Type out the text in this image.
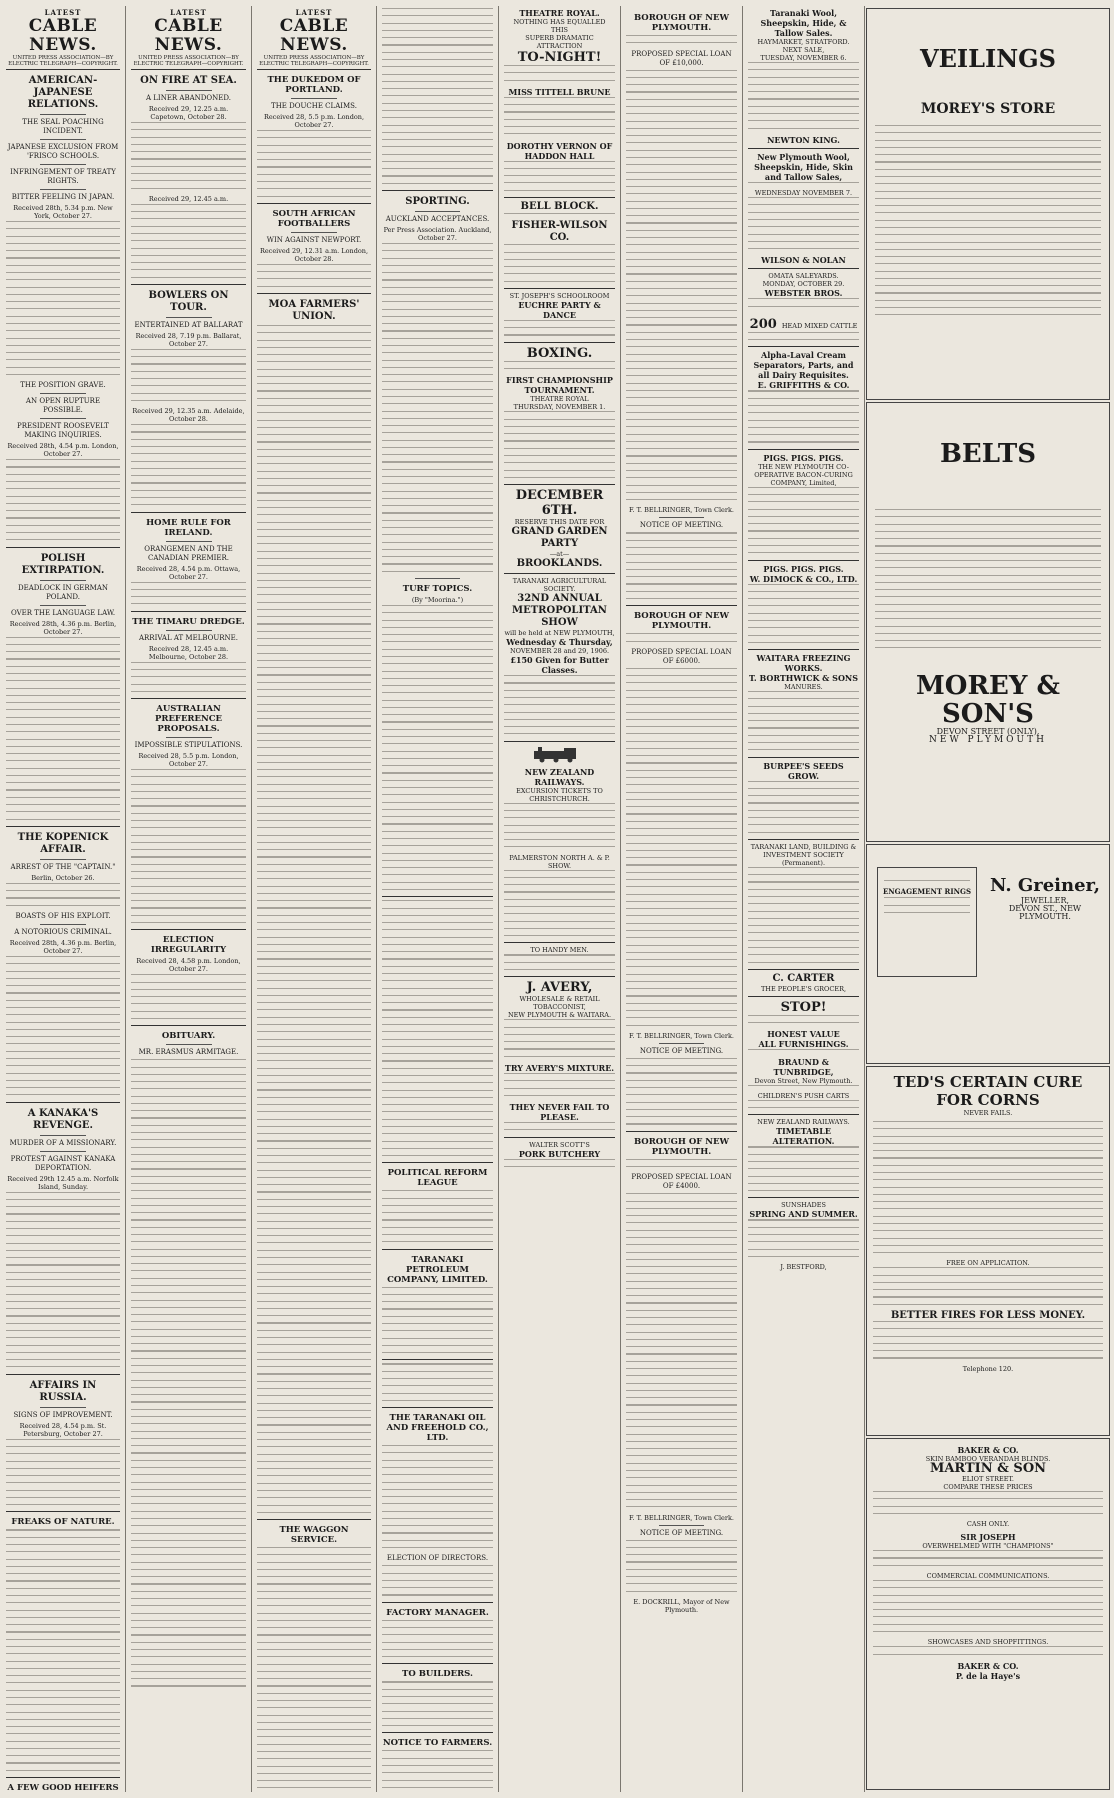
LATEST
CABLE NEWS.
UNITED PRESS ASSOCIATION—BY ELECTRIC TELEGRAPH—COPYRIGHT.
AMERICAN-JAPANESE RELATIONS.
THE SEAL POACHING INCIDENT.
JAPANESE EXCLUSION FROM 'FRISCO SCHOOLS.
INFRINGEMENT OF TREATY RIGHTS.
BITTER FEELING IN JAPAN.
Received 28th, 5.34 p.m. New York, October 27.
THE POSITION GRAVE.
AN OPEN RUPTURE POSSIBLE.
PRESIDENT ROOSEVELT MAKING INQUIRIES.
Received 28th, 4.54 p.m. London, October 27.
POLISH EXTIRPATION.
DEADLOCK IN GERMAN POLAND.
OVER THE LANGUAGE LAW.
Received 28th, 4.36 p.m. Berlin, October 27.
THE KOPENICK AFFAIR.
ARREST OF THE "CAPTAIN."
Berlin, October 26.
BOASTS OF HIS EXPLOIT.
A NOTORIOUS CRIMINAL.
Received 28th, 4.36 p.m. Berlin, October 27.
A KANAKA'S REVENGE.
MURDER OF A MISSIONARY.
PROTEST AGAINST KANAKA DEPORTATION.
Received 29th 12.45 a.m. Norfolk Island, Sunday.
AFFAIRS IN RUSSIA.
SIGNS OF IMPROVEMENT.
Received 28, 4.54 p.m. St. Petersburg, October 27.
FREAKS OF NATURE.
A FEW GOOD HEIFERS
LATEST
CABLE NEWS.
UNITED PRESS ASSOCIATION—BY ELECTRIC TELEGRAPH—COPYRIGHT.
ON FIRE AT SEA.
A LINER ABANDONED.
Received 29, 12.25 a.m. Capetown, October 28.
Received 29, 12.45 a.m.
BOWLERS ON TOUR.
ENTERTAINED AT BALLARAT
Received 28, 7.19 p.m. Ballarat, October 27.
Received 29, 12.35 a.m. Adelaide, October 28.
HOME RULE FOR IRELAND.
ORANGEMEN AND THE CANADIAN PREMIER.
Received 28, 4.54 p.m. Ottawa, October 27.
THE TIMARU DREDGE.
ARRIVAL AT MELBOURNE.
Received 28, 12.45 a.m. Melbourne, October 28.
AUSTRALIAN PREFERENCE PROPOSALS.
IMPOSSIBLE STIPULATIONS.
Received 28, 5.5 p.m. London, October 27.
ELECTION IRREGULARITY
Received 28, 4.58 p.m. London, October 27.
OBITUARY.
MR. ERASMUS ARMITAGE.
LATEST
CABLE NEWS.
UNITED PRESS ASSOCIATION—BY ELECTRIC TELEGRAPH—COPYRIGHT.
THE DUKEDOM OF PORTLAND.
THE DOUCHE CLAIMS.
Received 28, 5.5 p.m. London, October 27.
SOUTH AFRICAN FOOTBALLERS
WIN AGAINST NEWPORT.
Received 29, 12.31 a.m. London, October 28.
MOA FARMERS' UNION.
THE WAGGON SERVICE.
SPORTING.
AUCKLAND ACCEPTANCES.
Per Press Association. Auckland, October 27.
TURF TOPICS.
(By "Moorina.")
POLITICAL REFORM LEAGUE
TARANAKI PETROLEUM COMPANY, LIMITED.
THE TARANAKI OIL AND FREEHOLD CO., LTD.
ELECTION OF DIRECTORS.
FACTORY MANAGER.
TO BUILDERS.
NOTICE TO FARMERS.
THEATRE ROYAL.
NOTHING HAS EQUALLED THIS
SUPERB DRAMATIC ATTRACTION
TO-NIGHT!
MISS TITTELL BRUNE
DOROTHY VERNON OF HADDON HALL
BELL BLOCK.
FISHER-WILSON CO.
ST. JOSEPH'S SCHOOLROOM
EUCHRE PARTY & DANCE
BOXING.
FIRST CHAMPIONSHIP TOURNAMENT.
THEATRE ROYAL
THURSDAY, NOVEMBER 1.
DECEMBER 6TH.
RESERVE THIS DATE FOR
GRAND GARDEN PARTY
—at—
BROOKLANDS.
TARANAKI AGRICULTURAL SOCIETY.
32ND ANNUAL METROPOLITAN SHOW
will be held at NEW PLYMOUTH,
Wednesday & Thursday,
NOVEMBER 28 and 29, 1906.
£150 Given for Butter Classes.
NEW ZEALAND RAILWAYS.
EXCURSION TICKETS TO CHRISTCHURCH.
PALMERSTON NORTH A. & P. SHOW.
TO HANDY MEN.
J. AVERY,
WHOLESALE & RETAIL TOBACCONIST,
NEW PLYMOUTH & WAITARA.
TRY AVERY'S MIXTURE.
THEY NEVER FAIL TO PLEASE.
WALTER SCOTT'S
PORK BUTCHERY
BOROUGH OF NEW PLYMOUTH.
PROPOSED SPECIAL LOAN OF £10,000.
F. T. BELLRINGER, Town Clerk.
NOTICE OF MEETING.
BOROUGH OF NEW PLYMOUTH.
PROPOSED SPECIAL LOAN OF £6000.
F. T. BELLRINGER, Town Clerk.
NOTICE OF MEETING.
BOROUGH OF NEW PLYMOUTH.
PROPOSED SPECIAL LOAN OF £4000.
F. T. BELLRINGER, Town Clerk.
NOTICE OF MEETING.
E. DOCKRILL, Mayor of New Plymouth.
Taranaki Wool, Sheepskin, Hide, & Tallow Sales.
HAYMARKET, STRATFORD.
NEXT SALE,
TUESDAY, NOVEMBER 6.
NEWTON KING.
New Plymouth Wool, Sheepskin, Hide, Skin and Tallow Sales,
WEDNESDAY NOVEMBER 7.
WILSON & NOLAN
OMATA SALEYARDS.
MONDAY, OCTOBER 29.
WEBSTER BROS.
200 HEAD MIXED CATTLE
Alpha-Laval Cream Separators, Parts, and all Dairy Requisites.
E. GRIFFITHS & CO.
PIGS. PIGS. PIGS.
THE NEW PLYMOUTH CO-OPERATIVE BACON-CURING COMPANY, Limited,
PIGS. PIGS. PIGS.
W. DIMOCK & CO., LTD.
WAITARA FREEZING WORKS.
T. BORTHWICK & SONS
MANURES.
BURPEE'S SEEDS GROW.
TARANAKI LAND, BUILDING & INVESTMENT SOCIETY (Permanent).
C. CARTER
THE PEOPLE'S GROCER,
STOP!
HONEST VALUE
ALL FURNISHINGS.
BRAUND & TUNBRIDGE,
Devon Street, New Plymouth.
CHILDREN'S PUSH CARTS
NEW ZEALAND RAILWAYS.
TIMETABLE ALTERATION.
SUNSHADES
SPRING AND SUMMER.
J. BESTFORD,
VEILINGS
MOREY'S STORE
BELTS
MOREY & SON'S
DEVON STREET (ONLY),
NEW PLYMOUTH
ENGAGEMENT RINGS N. Greiner,
JEWELLER,
DEVON ST., NEW PLYMOUTH.
TED'S CERTAIN CURE FOR CORNS
NEVER FAILS.
FREE ON APPLICATION.
BETTER FIRES FOR LESS MONEY.
Telephone 120.
BAKER & CO.
SKIN BAMBOO VERANDAH BLINDS.
MARTIN & SON
ELIOT STREET.
COMPARE THESE PRICES
CASH ONLY.
SIR JOSEPH
OVERWHELMED WITH "CHAMPIONS"
COMMERCIAL COMMUNICATIONS.
SHOWCASES AND SHOPFITTINGS.
BAKER & CO.
P. de la Haye's
